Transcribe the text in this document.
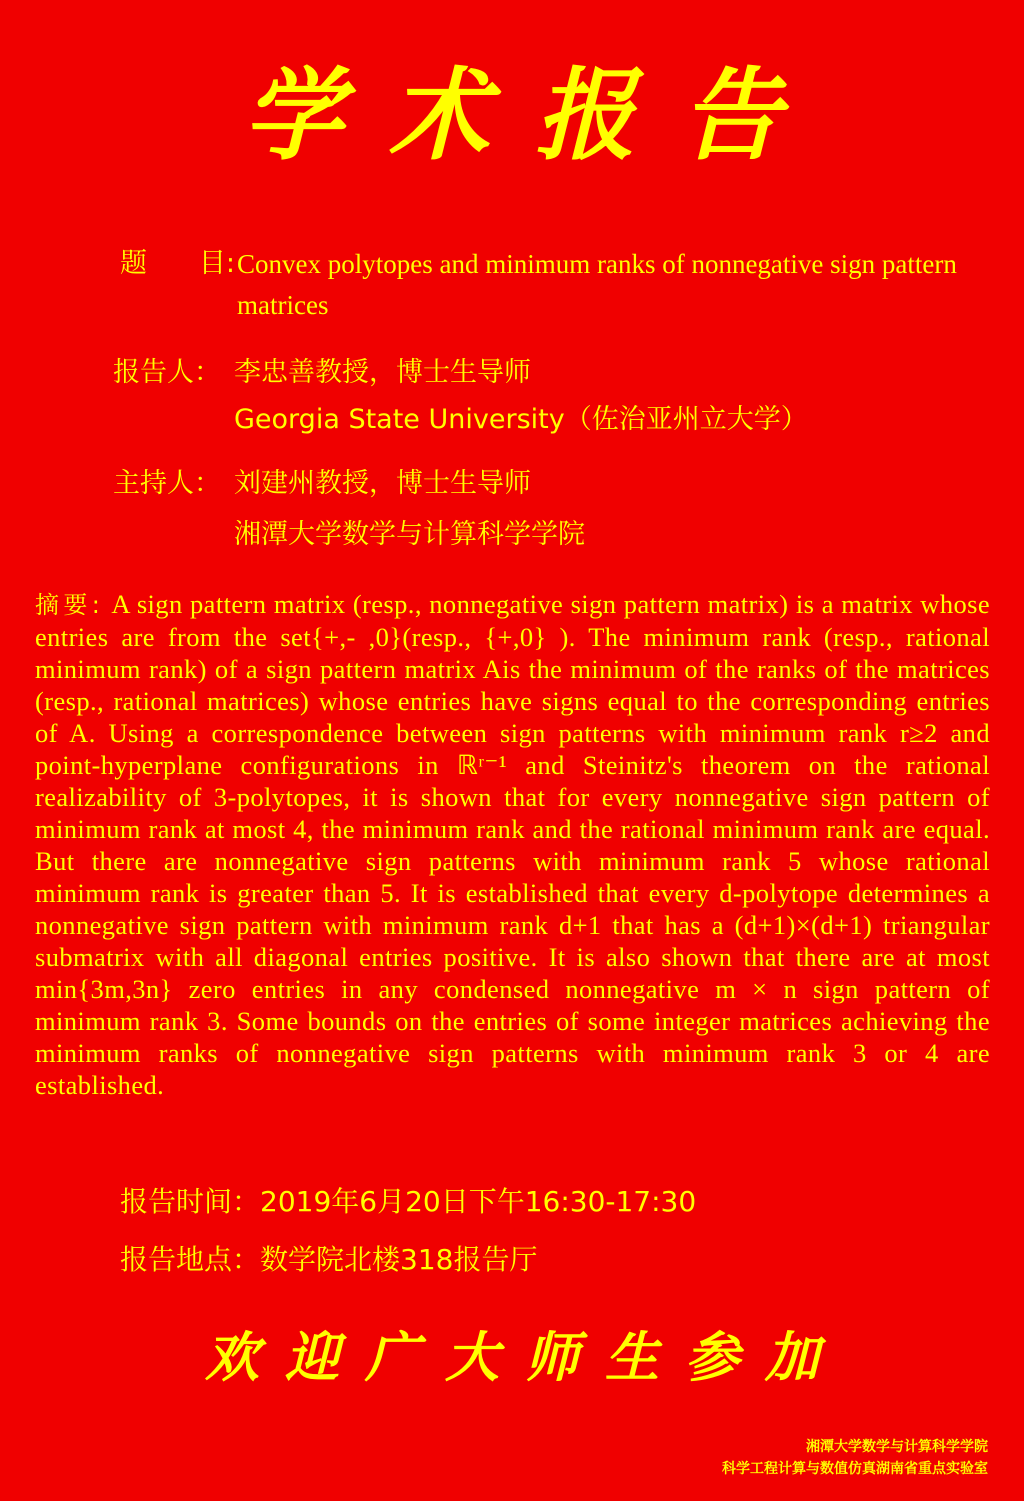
学术报告
题 目: Convex polytopes and minimum ranks of nonnegative sign pattern matrices
报告人： 李忠善教授，博士生导师
Georgia State University（佐治亚州立大学）
主持人： 刘建州教授，博士生导师
湘潭大学数学与计算科学学院
摘要: A sign pattern matrix (resp., nonnegative sign pattern matrix) is a matrix whose entries are from the set{+,- ,0}(resp., {+,0} ). The minimum rank (resp., rational minimum rank) of a sign pattern matrix Ais the minimum of the ranks of the matrices (resp., rational matrices) whose entries have signs equal to the corresponding entries of A. Using a correspondence between sign patterns with minimum rank r≥2 and point-hyperplane configurations in ℝʳ⁻¹ and Steinitz's theorem on the rational realizability of 3-polytopes, it is shown that for every nonnegative sign pattern of minimum rank at most 4, the minimum rank and the rational minimum rank are equal. But there are nonnegative sign patterns with minimum rank 5 whose rational minimum rank is greater than 5. It is established that every d-polytope determines a nonnegative sign pattern with minimum rank d+1 that has a (d+1)×(d+1) triangular submatrix with all diagonal entries positive. It is also shown that there are at most min{3m,3n} zero entries in any condensed nonnegative m × n sign pattern of minimum rank 3. Some bounds on the entries of some integer matrices achieving the minimum ranks of nonnegative sign patterns with minimum rank 3 or 4 are established.
报告时间：2019年6月20日下午16:30-17:30
报告地点：数学院北楼318报告厅
欢迎广大师生参加
湘潭大学数学与计算科学学院
科学工程计算与数值仿真湖南省重点实验室
